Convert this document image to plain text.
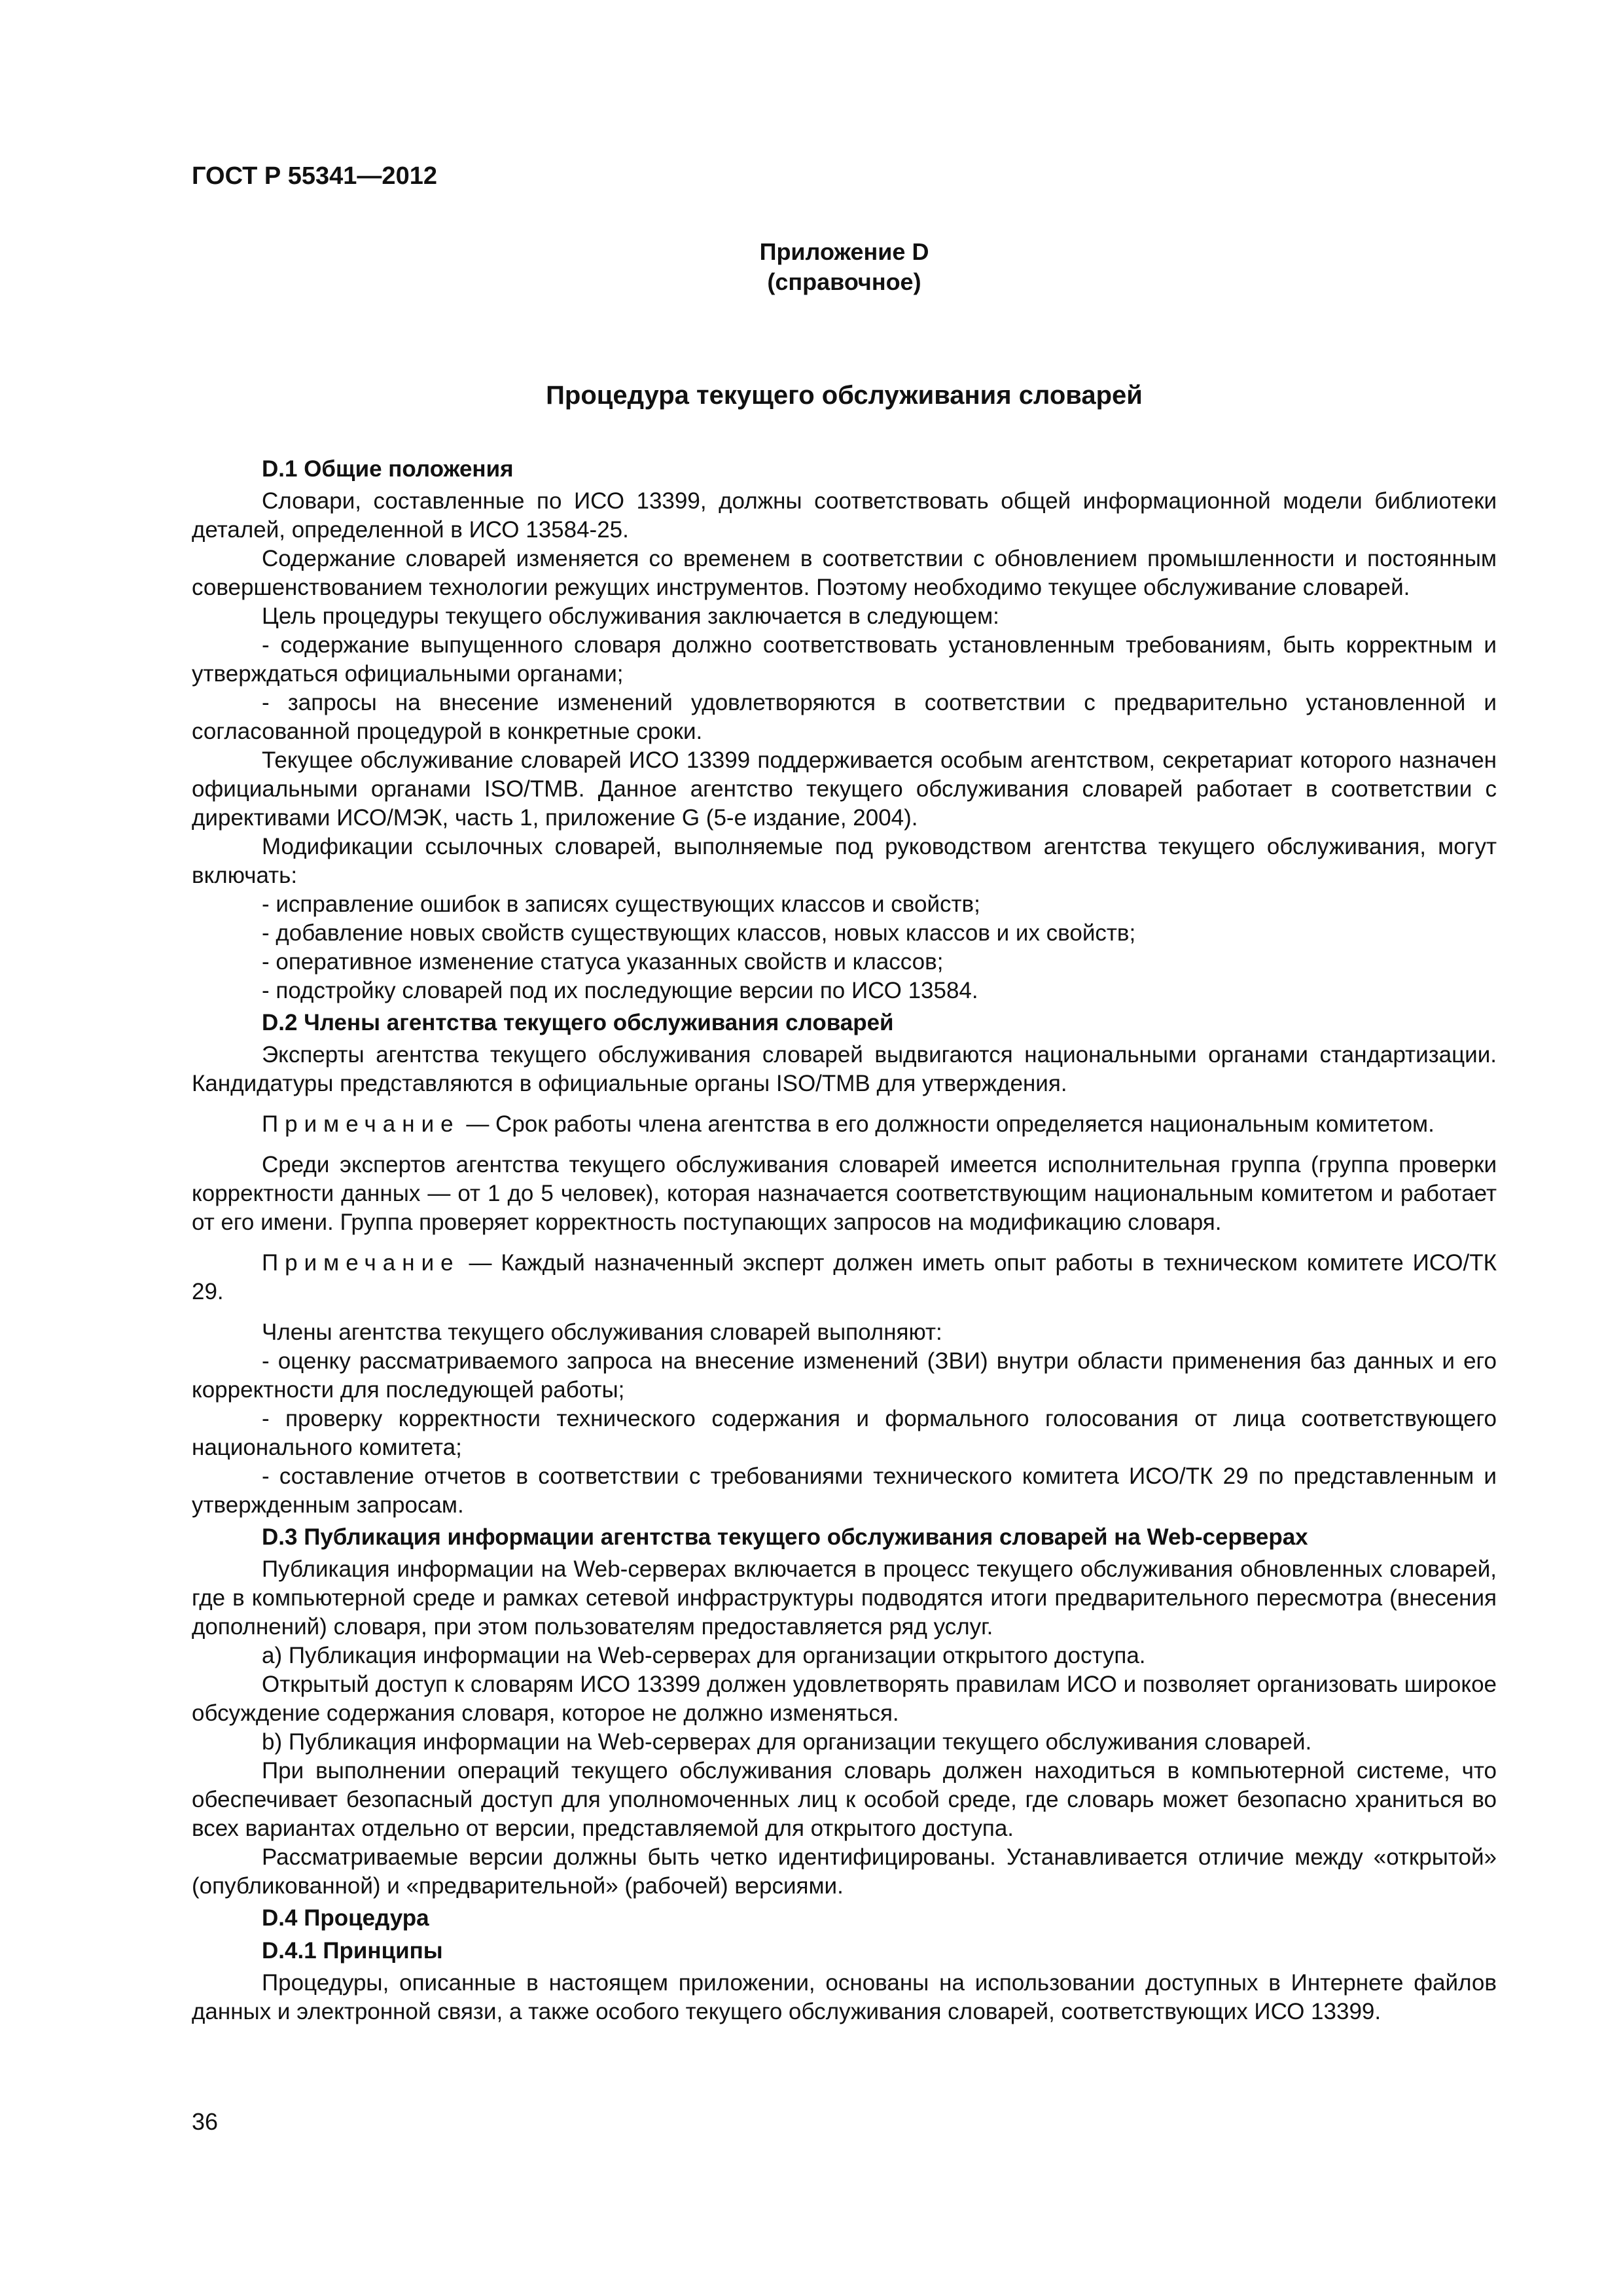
ГОСТ Р 55341—2012

Приложение D
(справочное)
Процедура текущего обслуживания словарей
D.1 Общие положения

Словари, составленные по ИСО 13399, должны соответствовать общей информационной модели библиотеки деталей, определенной в ИСО 13584-25.

Содержание словарей изменяется со временем в соответствии с обновлением промышленности и постоянным совершенствованием технологии режущих инструментов. Поэтому необходимо текущее обслуживание словарей.

Цель процедуры текущего обслуживания заключается в следующем:

- содержание выпущенного словаря должно соответствовать установленным требованиям, быть корректным и утверждаться официальными органами;

- запросы на внесение изменений удовлетворяются в соответствии с предварительно установленной и согласованной процедурой в конкретные сроки.

Текущее обслуживание словарей ИСО 13399 поддерживается особым агентством, секретариат которого назначен официальными органами ISO/TMB. Данное агентство текущего обслуживания словарей работает в соответствии с директивами ИСО/МЭК, часть 1, приложение G (5-е издание, 2004).

Модификации ссылочных словарей, выполняемые под руководством агентства текущего обслуживания, могут включать:

- исправление ошибок в записях существующих классов и свойств;

- добавление новых свойств существующих классов, новых классов и их свойств;

- оперативное изменение статуса указанных свойств и классов;

- подстройку словарей под их последующие версии по ИСО 13584.

D.2 Члены агентства текущего обслуживания словарей

Эксперты агентства текущего обслуживания словарей выдвигаются национальными органами стандартизации. Кандидатуры представляются в официальные органы ISO/TMB для утверждения.

Примечание — Срок работы члена агентства в его должности определяется национальным комитетом.

Среди экспертов агентства текущего обслуживания словарей имеется исполнительная группа (группа проверки корректности данных — от 1 до 5 человек), которая назначается соответствующим национальным комитетом и работает от его имени. Группа проверяет корректность поступающих запросов на модификацию словаря.

Примечание — Каждый назначенный эксперт должен иметь опыт работы в техническом комитете ИСО/ТК 29.

Члены агентства текущего обслуживания словарей выполняют:

- оценку рассматриваемого запроса на внесение изменений (ЗВИ) внутри области применения баз данных и его корректности для последующей работы;

- проверку корректности технического содержания и формального голосования от лица соответствующего национального комитета;

- составление отчетов в соответствии с требованиями технического комитета ИСО/ТК 29 по представленным и утвержденным запросам.

D.3 Публикация информации агентства текущего обслуживания словарей на Web-серверах

Публикация информации на Web-серверах включается в процесс текущего обслуживания обновленных словарей, где в компьютерной среде и рамках сетевой инфраструктуры подводятся итоги предварительного пересмотра (внесения дополнений) словаря, при этом пользователям предоставляется ряд услуг.

а) Публикация информации на Web-серверах для организации открытого доступа.

Открытый доступ к словарям ИСО 13399 должен удовлетворять правилам ИСО и позволяет организовать широкое обсуждение содержания словаря, которое не должно изменяться.

b) Публикация информации на Web-серверах для организации текущего обслуживания словарей.

При выполнении операций текущего обслуживания словарь должен находиться в компьютерной системе, что обеспечивает безопасный доступ для уполномоченных лиц к особой среде, где словарь может безопасно храниться во всех вариантах отдельно от версии, представляемой для открытого доступа.

Рассматриваемые версии должны быть четко идентифицированы. Устанавливается отличие между «открытой» (опубликованной) и «предварительной» (рабочей) версиями.

D.4 Процедура
D.4.1 Принципы

Процедуры, описанные в настоящем приложении, основаны на использовании доступных в Интернете файлов данных и электронной связи, а также особого текущего обслуживания словарей, соответствующих ИСО 13399.

36
